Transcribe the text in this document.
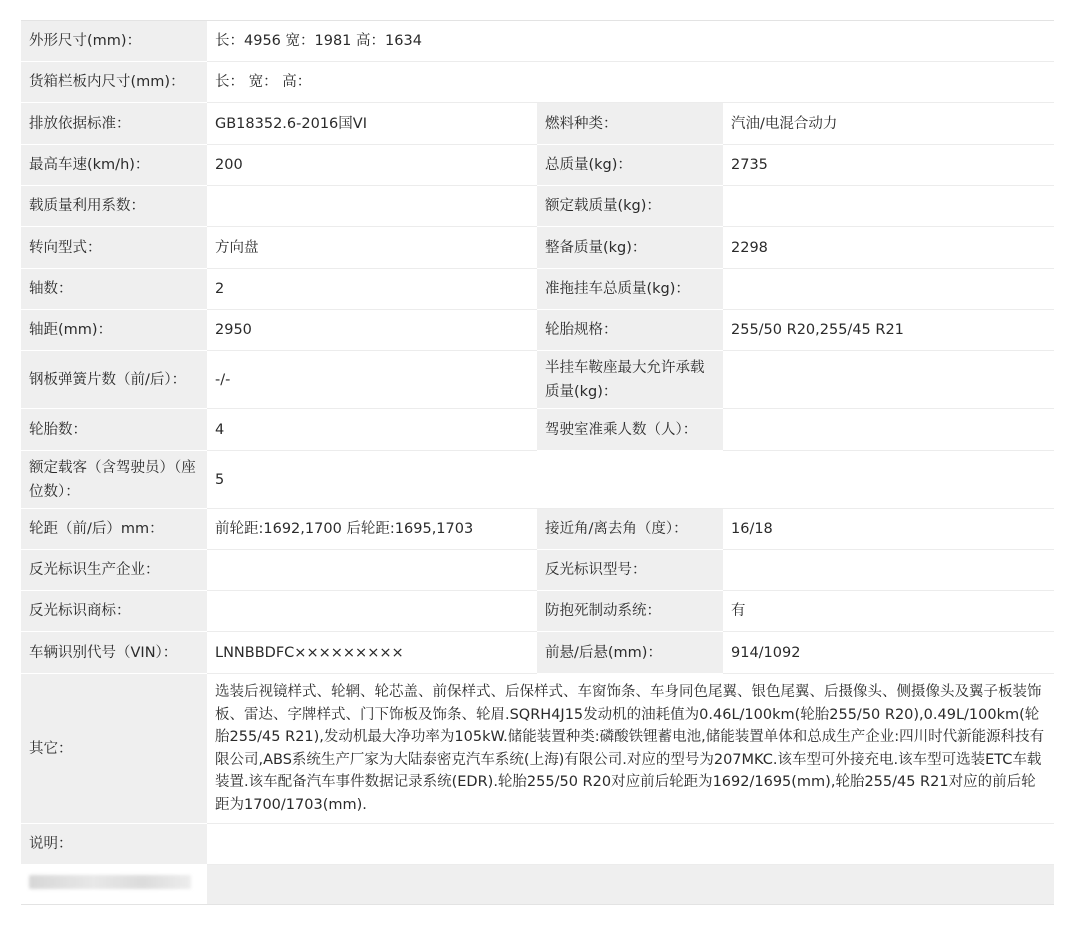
外形尺寸(mm)：	长：4956 宽：1981 高：1634		
货箱栏板内尺寸(mm)：	长： 宽： 高：		
排放依据标准：	GB18352.6-2016国VI	燃料种类：	汽油/电混合动力
最高车速(km/h)：	200	总质量(kg)：	2735
载质量利用系数：		额定载质量(kg)：	
转向型式：	方向盘	整备质量(kg)：	2298
轴数：	2	准拖挂车总质量(kg)：	
轴距(mm)：	2950	轮胎规格：	255/50 R20,255/45 R21
钢板弹簧片数（前/后）：	-/-	半挂车鞍座最大允许承载质量(kg)：	
轮胎数：	4	驾驶室准乘人数（人）：	
额定载客（含驾驶员）（座位数）：	5		
轮距（前/后）mm：	前轮距:1692,1700 后轮距:1695,1703	接近角/离去角（度）：	16/18
反光标识生产企业：		反光标识型号：	
反光标识商标：		防抱死制动系统：	有
车辆识别代号（VIN）：	LNNBBDFC×××××××××	前悬/后悬(mm)：	914/1092
其它：	选装后视镜样式、轮辋、轮芯盖、前保样式、后保样式、车窗饰条、车身同色尾翼、银色尾翼、后摄像头、侧摄像头及翼子板装饰板、雷达、字牌样式、门下饰板及饰条、轮眉.SQRH4J15发动机的油耗值为0.46L/100km(轮胎255/50 R20),0.49L/100km(轮胎255/45 R21),发动机最大净功率为105kW.储能装置种类:磷酸铁锂蓄电池,储能装置单体和总成生产企业:四川时代新能源科技有限公司,ABS系统生产厂家为大陆泰密克汽车系统(上海)有限公司.对应的型号为207MKC.该车型可外接充电.该车型可选装ETC车载装置.该车配备汽车事件数据记录系统(EDR).轮胎255/50 R20对应前后轮距为1692/1695(mm),轮胎255/45 R21对应的前后轮距为1700/1703(mm).		

说明：			
